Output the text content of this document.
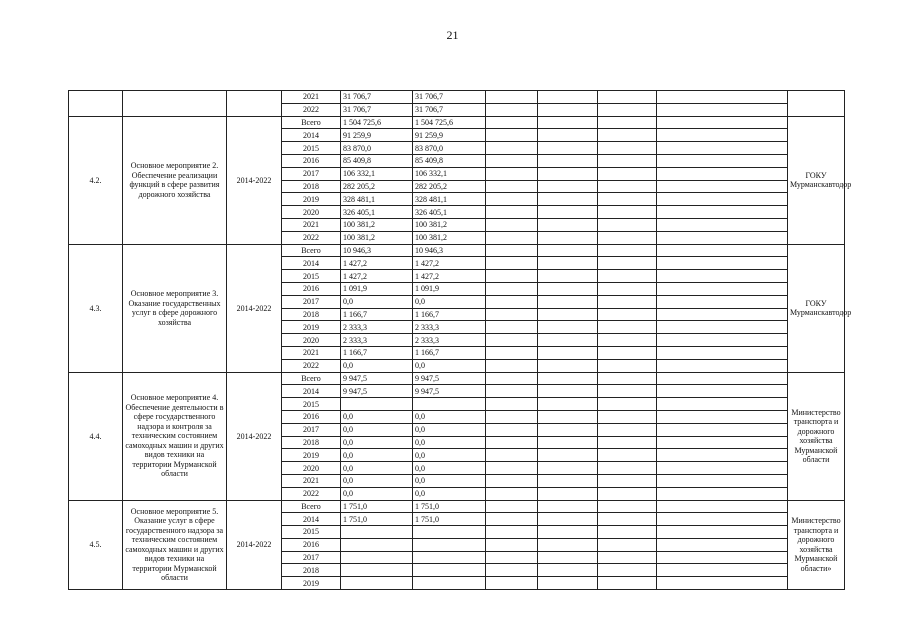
21
			2021	31 706,7	31 706,7					
			2022	31 706,7	31 706,7					
4.2.	Основное мероприятие 2. Обеспечение реализации функций в сфере развития дорожного хозяйства	2014-2022	Всего	1 504 725,6	1 504 725,6					ГОКУ Мурманскавтодор
			2014	91 259,9	91 259,9					
			2015	83 870,0	83 870,0					
			2016	85 409,8	85 409,8					
			2017	106 332,1	106 332,1					
			2018	282 205,2	282 205,2					
			2019	328 481,1	328 481,1					
			2020	326 405,1	326 405,1					
			2021	100 381,2	100 381,2					
			2022	100 381,2	100 381,2					
4.3.	Основное мероприятие 3. Оказание государственных услуг в сфере дорожного хозяйства	2014-2022	Всего	10 946,3	10 946,3					ГОКУ Мурманскавтодор
			2014	1 427,2	1 427,2					
			2015	1 427,2	1 427,2					
			2016	1 091,9	1 091,9					
			2017	0,0	0,0					
			2018	1 166,7	1 166,7					
			2019	2 333,3	2 333,3					
			2020	2 333,3	2 333,3					
			2021	1 166,7	1 166,7					
			2022	0,0	0,0					
4.4.	Основное мероприятие 4. Обеспечение деятельности в сфере государственного надзора и контроля за техническим состоянием самоходных машин и других видов техники на территории Мурманской области	2014-2022	Всего	9 947,5	9 947,5					Министерство транспорта и дорожного хозяйства Мурманской области
			2014	9 947,5	9 947,5					
			2015							
			2016	0,0	0,0					
			2017	0,0	0,0					
			2018	0,0	0,0					
			2019	0,0	0,0					
			2020	0,0	0,0					
			2021	0,0	0,0					
			2022	0,0	0,0					
4.5.	Основное мероприятие 5. Оказание услуг в сфере государственного надзора за техническим состоянием самоходных машин и других видов техники на территории Мурманской области	2014-2022	Всего	1 751,0	1 751,0					Министерство транспорта и дорожного хозяйства Мурманской области»
			2014	1 751,0	1 751,0					
			2015							
			2016							
			2017							
			2018							
			2019							
